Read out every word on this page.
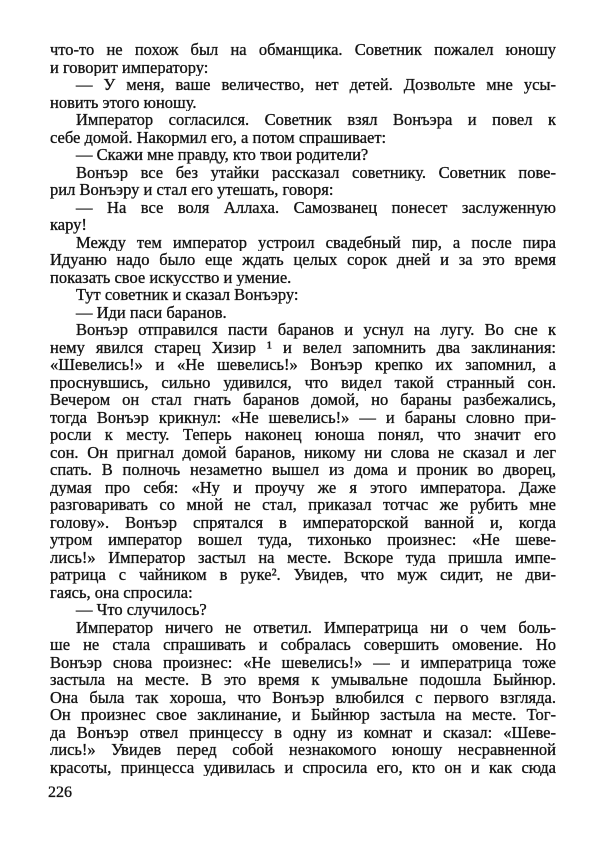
что-то не похож был на обманщика. Советник пожалел юношу
и говорит императору:
— У меня, ваше величество, нет детей. Дозвольте мне усы-
новить этого юношу.
Император согласился. Советник взял Вонъэра и повел к
себе домой. Накормил его, а потом спрашивает:
— Скажи мне правду, кто твои родители?
Вонъэр все без утайки рассказал советнику. Советник пове-
рил Вонъэру и стал его утешать, говоря:
— На все воля Аллаха. Самозванец понесет заслуженную
кару!
Между тем император устроил свадебный пир, а после пира
Идуаню надо было еще ждать целых сорок дней и за это время
показать свое искусство и умение.
Тут советник и сказал Вонъэру:
— Иди паси баранов.
Вонъэр отправился пасти баранов и уснул на лугу. Во сне к
нему явился старец Хизир ¹ и велел запомнить два заклинания:
«Шевелись!» и «Не шевелись!» Вонъэр крепко их запомнил, а
проснувшись, сильно удивился, что видел такой странный сон.
Вечером он стал гнать баранов домой, но бараны разбежались,
тогда Вонъэр крикнул: «Не шевелись!» — и бараны словно при-
росли к месту. Теперь наконец юноша понял, что значит его
сон. Он пригнал домой баранов, никому ни слова не сказал и лег
спать. В полночь незаметно вышел из дома и проник во дворец,
думая про себя: «Ну и проучу же я этого императора. Даже
разговаривать со мной не стал, приказал тотчас же рубить мне
голову». Вонъэр спрятался в императорской ванной и, когда
утром император вошел туда, тихонько произнес: «Не шеве-
лись!» Император застыл на месте. Вскоре туда пришла импе-
ратрица с чайником в руке². Увидев, что муж сидит, не дви-
гаясь, она спросила:
— Что случилось?
Император ничего не ответил. Императрица ни о чем боль-
ше не стала спрашивать и собралась совершить омовение. Но
Вонъэр снова произнес: «Не шевелись!» — и императрица тоже
застыла на месте. В это время к умывальне подошла Быйнюр.
Она была так хороша, что Вонъэр влюбился с первого взгляда.
Он произнес свое заклинание, и Быйнюр застыла на месте. Тог-
да Вонъэр отвел принцессу в одну из комнат и сказал: «Шеве-
лись!» Увидев перед собой незнакомого юношу несравненной
красоты, принцесса удивилась и спросила его, кто он и как сюда
226
